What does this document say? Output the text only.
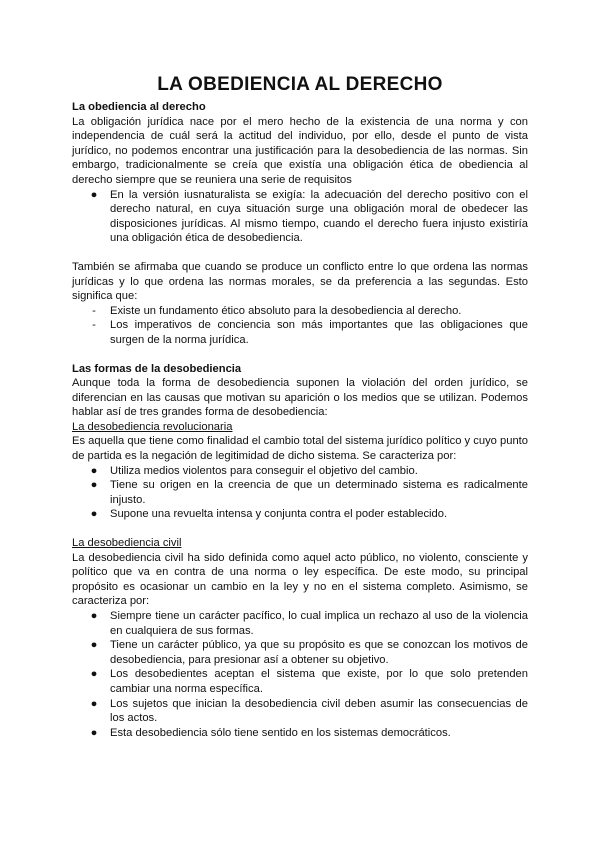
LA OBEDIENCIA AL DERECHO
La obediencia al derecho

La obligación jurídica nace por el mero hecho de la existencia de una norma y con independencia de cuál será la actitud del individuo, por ello, desde el punto de vista jurídico, no podemos encontrar una justificación para la desobediencia de las normas. Sin embargo, tradicionalmente se creía que existía una obligación ética de obediencia al derecho siempre que se reuniera una serie de requisitos

● En la versión iusnaturalista se exigía: la adecuación del derecho positivo con el derecho natural, en cuya situación surge una obligación moral de obedecer las disposiciones jurídicas. Al mismo tiempo, cuando el derecho fuera injusto existiría una obligación ética de desobediencia.

También se afirmaba que cuando se produce un conflicto entre lo que ordena las normas jurídicas y lo que ordena las normas morales, se da preferencia a las segundas. Esto significa que:

- Existe un fundamento ético absoluto para la desobediencia al derecho.
- Los imperativos de conciencia son más importantes que las obligaciones que surgen de la norma jurídica.
Las formas de la desobediencia

Aunque toda la forma de desobediencia suponen la violación del orden jurídico, se diferencian en las causas que motivan su aparición o los medios que se utilizan. Podemos hablar así de tres grandes forma de desobediencia:

La desobediencia revolucionaria

Es aquella que tiene como finalidad el cambio total del sistema jurídico político y cuyo punto de partida es la negación de legitimidad de dicho sistema. Se caracteriza por:

● Utiliza medios violentos para conseguir el objetivo del cambio.
● Tiene su origen en la creencia de que un determinado sistema es radicalmente injusto.
● Supone una revuelta intensa y conjunta contra el poder establecido.
La desobediencia civil

La desobediencia civil ha sido definida como aquel acto público, no violento, consciente y político que va en contra de una norma o ley específica. De este modo, su principal propósito es ocasionar un cambio en la ley y no en el sistema completo. Asimismo, se caracteriza por:

● Siempre tiene un carácter pacífico, lo cual implica un rechazo al uso de la violencia en cualquiera de sus formas.
● Tiene un carácter público, ya que su propósito es que se conozcan los motivos de desobediencia, para presionar así a obtener su objetivo.
● Los desobedientes aceptan el sistema que existe, por lo que solo pretenden cambiar una norma específica.
● Los sujetos que inician la desobediencia civil deben asumir las consecuencias de los actos.
● Esta desobediencia sólo tiene sentido en los sistemas democráticos.
